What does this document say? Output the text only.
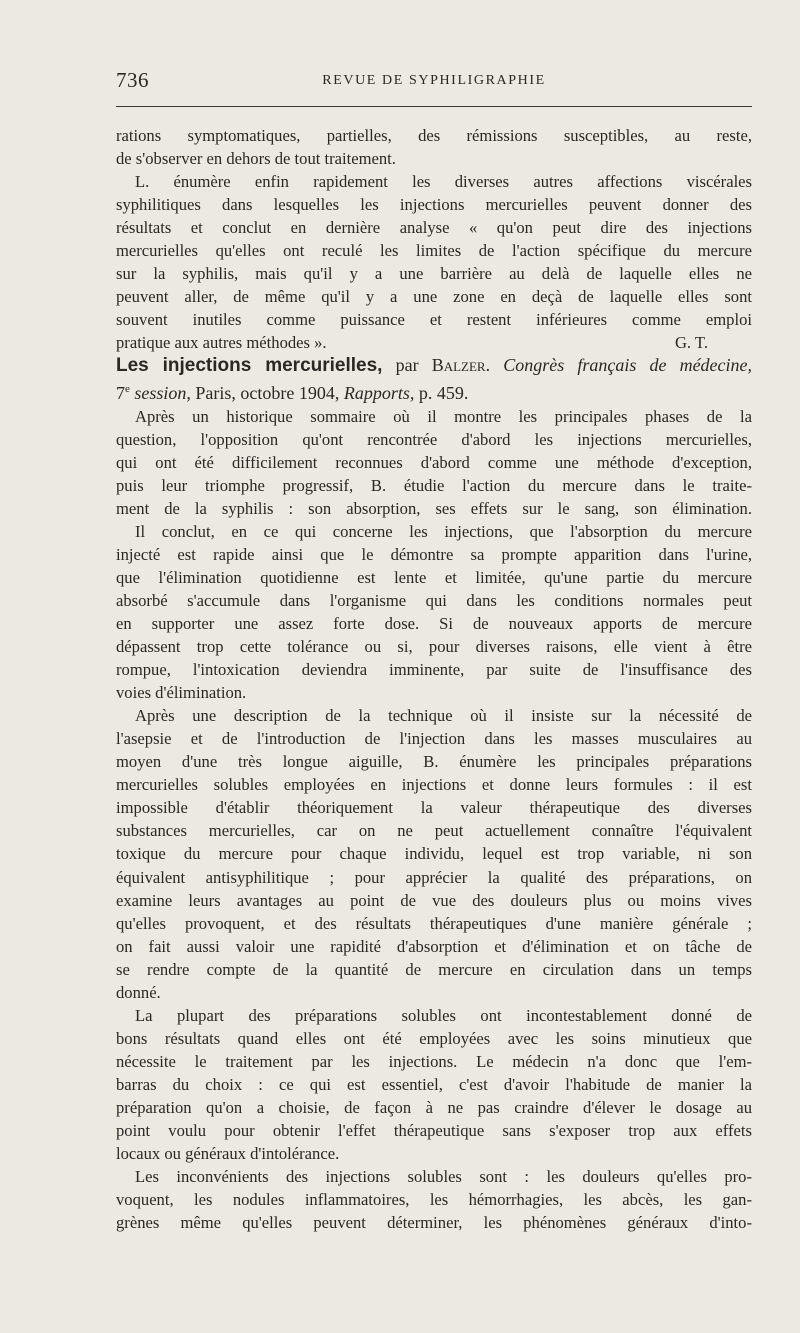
736	REVUE DE SYPHILIGRAPHIE
rations symptomatiques, partielles, des rémissions susceptibles, au reste,
de s'observer en dehors de tout traitement.
L. énumère enfin rapidement les diverses autres affections viscérales
syphilitiques dans lesquelles les injections mercurielles peuvent donner des
résultats et conclut en dernière analyse « qu'on peut dire des injections
mercurielles qu'elles ont reculé les limites de l'action spécifique du mercure
sur la syphilis, mais qu'il y a une barrière au delà de laquelle elles ne
peuvent aller, de même qu'il y a une zone en deçà de laquelle elles sont
souvent inutiles comme puissance et restent inférieures comme emploi
pratique aux autres méthodes ».	G. T.
Les injections mercurielles, par Balzer. Congrès français de médecine,
7e session, Paris, octobre 1904, Rapports, p. 459.
Après un historique sommaire où il montre les principales phases de la
question, l'opposition qu'ont rencontrée d'abord les injections mercurielles,
qui ont été difficilement reconnues d'abord comme une méthode d'exception,
puis leur triomphe progressif, B. étudie l'action du mercure dans le traite-
ment de la syphilis : son absorption, ses effets sur le sang, son élimination.
Il conclut, en ce qui concerne les injections, que l'absorption du mercure
injecté est rapide ainsi que le démontre sa prompte apparition dans l'urine,
que l'élimination quotidienne est lente et limitée, qu'une partie du mercure
absorbé s'accumule dans l'organisme qui dans les conditions normales peut
en supporter une assez forte dose. Si de nouveaux apports de mercure
dépassent trop cette tolérance ou si, pour diverses raisons, elle vient à être
rompue, l'intoxication deviendra imminente, par suite de l'insuffisance des
voies d'élimination.
Après une description de la technique où il insiste sur la nécessité de
l'asepsie et de l'introduction de l'injection dans les masses musculaires au
moyen d'une très longue aiguille, B. énumère les principales préparations
mercurielles solubles employées en injections et donne leurs formules : il est
impossible d'établir théoriquement la valeur thérapeutique des diverses
substances mercurielles, car on ne peut actuellement connaître l'équivalent
toxique du mercure pour chaque individu, lequel est trop variable, ni son
équivalent antisyphilitique ; pour apprécier la qualité des préparations, on
examine leurs avantages au point de vue des douleurs plus ou moins vives
qu'elles provoquent, et des résultats thérapeutiques d'une manière générale ;
on fait aussi valoir une rapidité d'absorption et d'élimination et on tâche de
se rendre compte de la quantité de mercure en circulation dans un temps
donné.
La plupart des préparations solubles ont incontestablement donné de
bons résultats quand elles ont été employées avec les soins minutieux que
nécessite le traitement par les injections. Le médecin n'a donc que l'em-
barras du choix : ce qui est essentiel, c'est d'avoir l'habitude de manier la
préparation qu'on a choisie, de façon à ne pas craindre d'élever le dosage au
point voulu pour obtenir l'effet thérapeutique sans s'exposer trop aux effets
locaux ou généraux d'intolérance.
Les inconvénients des injections solubles sont : les douleurs qu'elles pro-
voquent, les nodules inflammatoires, les hémorrhagies, les abcès, les gan-
grènes même qu'elles peuvent déterminer, les phénomènes généraux d'into-
